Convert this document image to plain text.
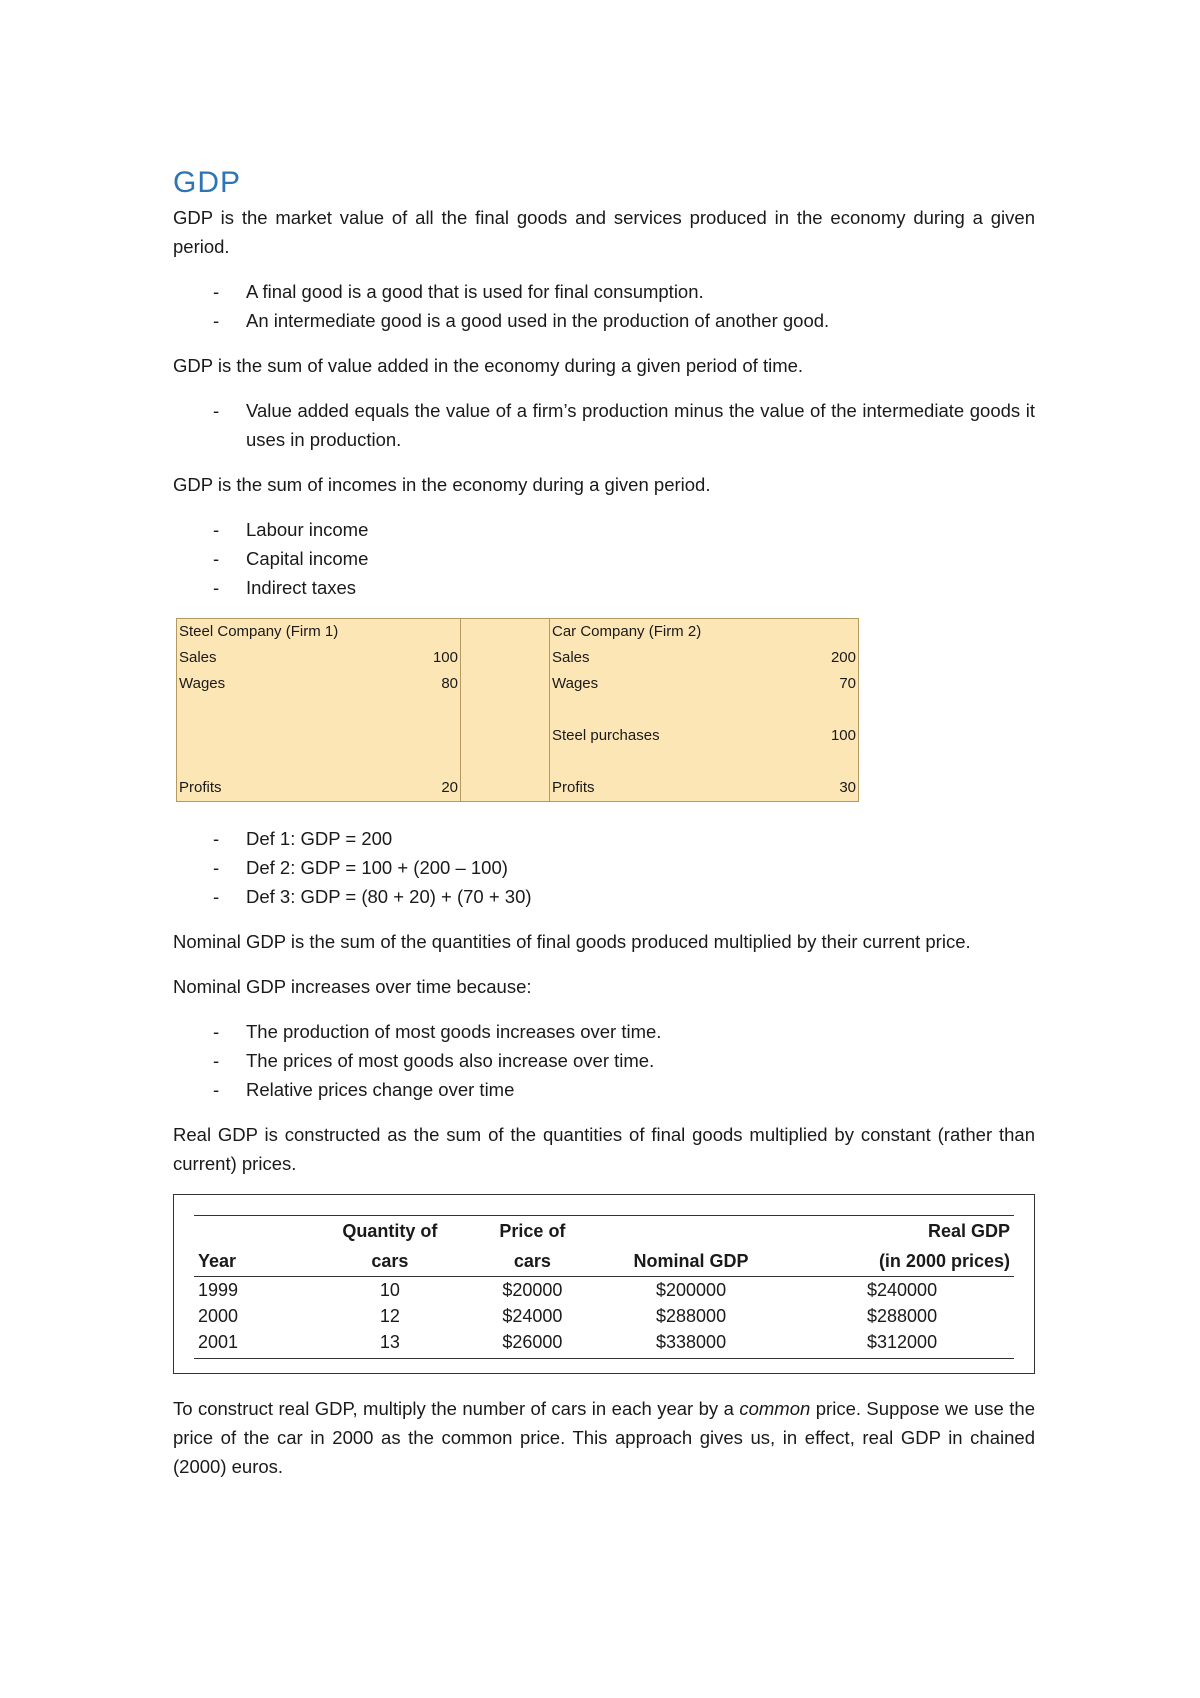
GDP

GDP is the market value of all the final goods and services produced in the economy during a given period.

- A final good is a good that is used for final consumption.
- An intermediate good is a good used in the production of another good.

GDP is the sum of value added in the economy during a given period of time.

- Value added equals the value of a firm’s production minus the value of the intermediate goods it uses in production.

GDP is the sum of incomes in the economy during a given period.

- Labour income
- Capital income
- Indirect taxes
Steel Company (Firm 1)			Car Company (Firm 2)	
Sales	100		Sales	200
Wages	80		Wages	70

			Steel purchases	100

Profits	20		Profits	30
- Def 1: GDP = 200
- Def 2: GDP = 100 + (200 – 100)
- Def 3: GDP = (80 + 20) + (70 + 30)

Nominal GDP is the sum of the quantities of final goods produced multiplied by their current price.

Nominal GDP increases over time because:

- The production of most goods increases over time.
- The prices of most goods also increase over time.
- Relative prices change over time

Real GDP is constructed as the sum of the quantities of final goods multiplied by constant (rather than current) prices.

	Quantity of	Price of		Real GDP
Year	cars	cars	Nominal GDP	(in 2000 prices)
1999	10	$20000	$200000	$240000
2000	12	$24000	$288000	$288000
2001	13	$26000	$338000	$312000

To construct real GDP, multiply the number of cars in each year by a common price. Suppose we use the price of the car in 2000 as the common price. This approach gives us, in effect, real GDP in chained (2000) euros.
